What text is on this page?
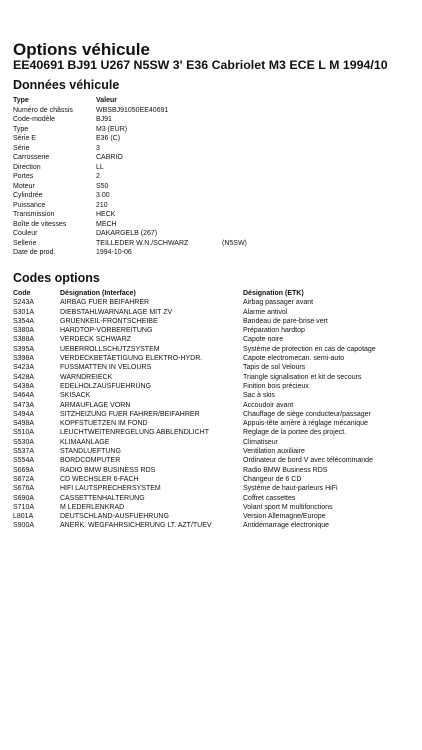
Options véhicule
EE40691 BJ91 U267 N5SW 3' E36 Cabriolet M3 ECE L M 1994/10
Données véhicule
Type	Valeur
Numéro de châssis	WBSBJ91050EE40691
Code-modèle	BJ91
Type	M3 (EUR)
Série E	E36 (C)
Série	3
Carrosserie	CABRIO
Direction	LL
Portes	2
Moteur	S50
Cylindrée	3.00
Puissance	210
Transmission	HECK
Boîte de vitesses	MECH
Couleur	DAKARGELB (267)
Sellerie	TEILLEDER W.N./SCHWARZ	(N5SW)
Date de prod.	1994-10-06
Codes options
Code	Désignation (Interface)	Désignation (ETK)
S243A	AIRBAG FUER BEIFAHRER	Airbag passager avant
S301A	DIEBSTAHLWARNANLAGE MIT ZV	Alarme antivol
S354A	GRUENKEIL-FRONTSCHEIBE	Bandeau de pare-brise vert
S380A	HARDTOP-VORBEREITUNG	Préparation hardtop
S388A	VERDECK SCHWARZ	Capote noire
S395A	UEBERROLLSCHUTZSYSTEM	Système de protection en cas de capotage
S398A	VERDECKBETAETIGUNG ELEKTRO-HYDR.	Capote electromecan. semi-auto
S423A	FUSSMATTEN IN VELOURS	Tapis de sol Velours
S428A	WARNDREIECK	Triangle signalisation et kit de secours
S438A	EDELHOLZAUSFUEHRUNG	Finition bois précieux
S464A	SKISACK	Sac à skis
S473A	ARMAUFLAGE VORN	Accoudoir avant
S494A	SITZHEIZUNG FUER FAHRER/BEIFAHRER	Chauffage de siège conducteur/passager
S498A	KOPFSTUETZEN IM FOND	Appuis-tête arrière à réglage mécanique
S510A	LEUCHTWEITENREGELUNG ABBLENDLICHT	Reglage de la portee des project.
S530A	KLIMAANLAGE	Climatiseur
S537A	STANDLUEFTUNG	Ventilation auxiliaire
S554A	BORDCOMPUTER	Ordinateur de bord V avec télécommande
S669A	RADIO BMW BUSINESS RDS	Radio BMW Business RDS
S672A	CD WECHSLER 6-FACH	Changeur de 6 CD
S676A	HIFI LAUTSPRECHERSYSTEM	Système de haut-parleurs HiFi
S690A	CASSETTENHALTERUNG	Coffret cassettes
S710A	M LEDERLENKRAD	Volant sport M multifonctions
L801A	DEUTSCHLAND-AUSFUEHRUNG	Version Allemagne/Europe
S900A	ANERK. WEGFAHRSICHERUNG LT. AZT/TUEV	Antidémarrage électronique
